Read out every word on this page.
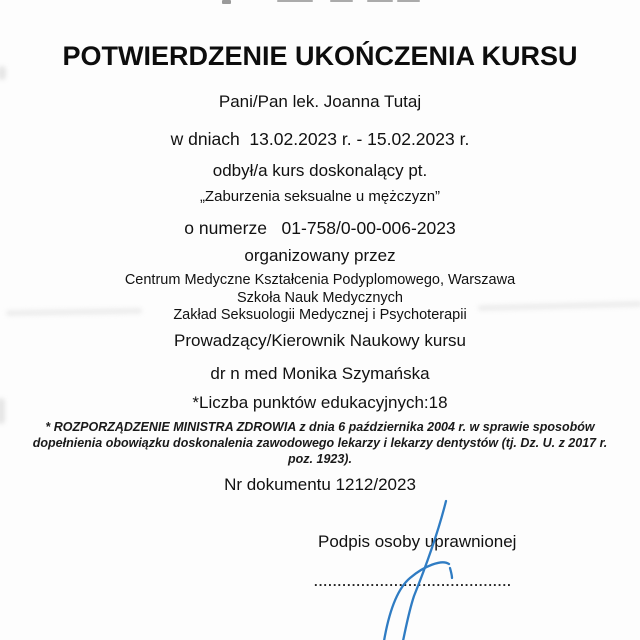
POTWIERDZENIE UKOŃCZENIA KURSU
Pani/Pan lek. Joanna Tutaj
w dniach  13.02.2023 r. - 15.02.2023 r.
odbył/a kurs doskonalący pt.
„Zaburzenia seksualne u mężczyzn”
o numerze   01-758/0-00-006-2023
organizowany przez
Centrum Medyczne Kształcenia Podyplomowego, Warszawa
Szkoła Nauk Medycznych
Zakład Seksuologii Medycznej i Psychoterapii
Prowadzący/Kierownik Naukowy kursu
dr n med Monika Szymańska
*Liczba punktów edukacyjnych:18
* ROZPORZĄDZENIE MINISTRA ZDROWIA z dnia 6 października 2004 r. w sprawie sposobów
dopełnienia obowiązku doskonalenia zawodowego lekarzy i lekarzy dentystów (tj. Dz. U. z 2017 r.
poz. 1923).
Nr dokumentu 1212/2023
Podpis osoby uprawnionej
..........................................
